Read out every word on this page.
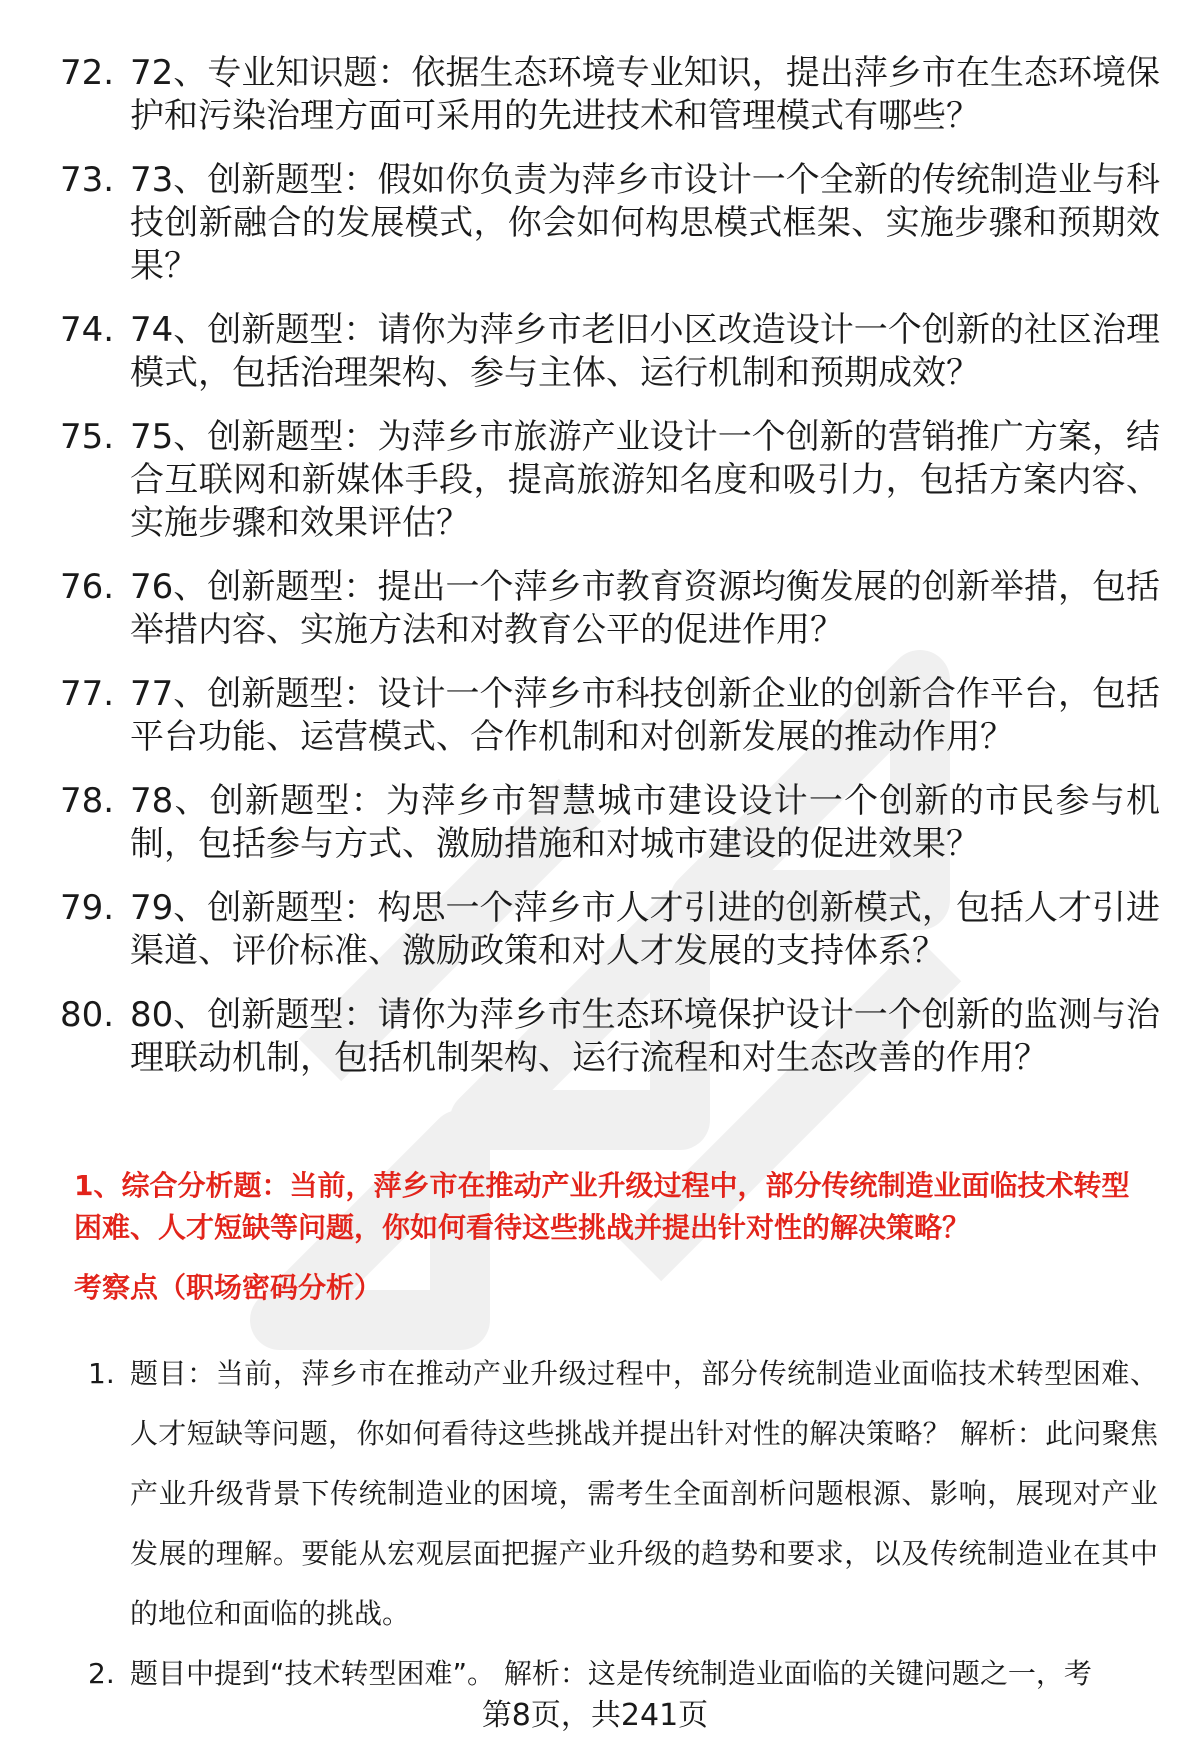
72. 72、专业知识题：依据生态环境专业知识，提出萍乡市在生态环境保护和污染治理方面可采用的先进技术和管理模式有哪些？
73. 73、创新题型：假如你负责为萍乡市设计一个全新的传统制造业与科技创新融合的发展模式，你会如何构思模式框架、实施步骤和预期效果？
74. 74、创新题型：请你为萍乡市老旧小区改造设计一个创新的社区治理模式，包括治理架构、参与主体、运行机制和预期成效？
75. 75、创新题型：为萍乡市旅游产业设计一个创新的营销推广方案，结合互联网和新媒体手段，提高旅游知名度和吸引力，包括方案内容、实施步骤和效果评估？
76. 76、创新题型：提出一个萍乡市教育资源均衡发展的创新举措，包括举措内容、实施方法和对教育公平的促进作用？
77. 77、创新题型：设计一个萍乡市科技创新企业的创新合作平台，包括平台功能、运营模式、合作机制和对创新发展的推动作用？
78. 78、创新题型：为萍乡市智慧城市建设设计一个创新的市民参与机制，包括参与方式、激励措施和对城市建设的促进效果？
79. 79、创新题型：构思一个萍乡市人才引进的创新模式，包括人才引进渠道、评价标准、激励政策和对人才发展的支持体系？
80. 80、创新题型：请你为萍乡市生态环境保护设计一个创新的监测与治理联动机制，包括机制架构、运行流程和对生态改善的作用？
1、综合分析题：当前，萍乡市在推动产业升级过程中，部分传统制造业面临技术转型困难、人才短缺等问题，你如何看待这些挑战并提出针对性的解决策略？
考察点（职场密码分析）
1. 题目：当前，萍乡市在推动产业升级过程中，部分传统制造业面临技术转型困难、人才短缺等问题，你如何看待这些挑战并提出针对性的解决策略？ 解析：此问聚焦产业升级背景下传统制造业的困境，需考生全面剖析问题根源、影响，展现对产业发展的理解。要能从宏观层面把握产业升级的趋势和要求，以及传统制造业在其中的地位和面临的挑战。
2. 题目中提到“技术转型困难”。 解析：这是传统制造业面临的关键问题之一，考
第8页，共241页
